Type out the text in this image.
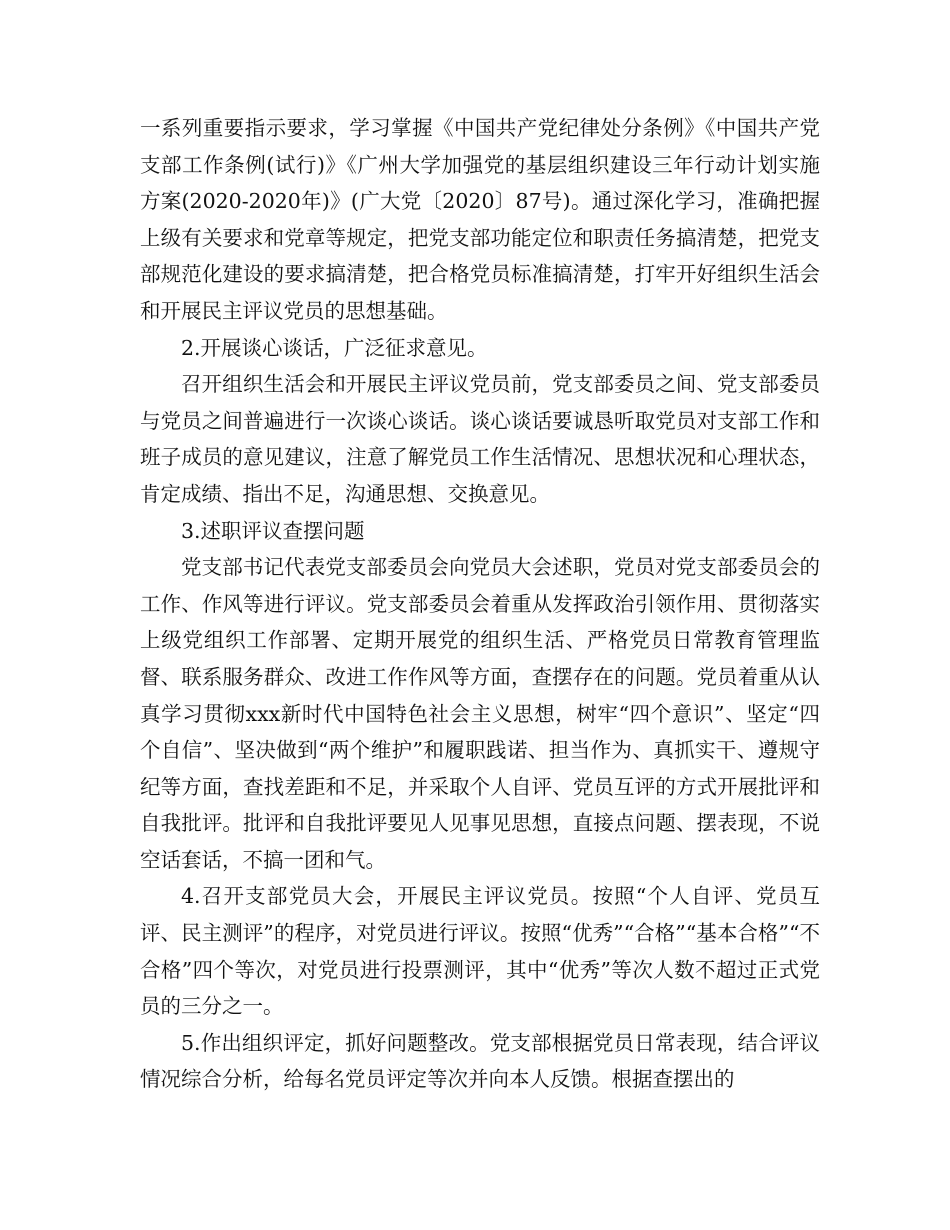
一系列重要指示要求，学习掌握《中国共产党纪律处分条例》《中国共产党支部工作条例(试行)》《广州大学加强党的基层组织建设三年行动计划实施方案(2020-2020年)》(广大党〔2020〕87号)。通过深化学习，准确把握上级有关要求和党章等规定，把党支部功能定位和职责任务搞清楚，把党支部规范化建设的要求搞清楚，把合格党员标准搞清楚，打牢开好组织生活会和开展民主评议党员的思想基础。

2.开展谈心谈话，广泛征求意见。

召开组织生活会和开展民主评议党员前，党支部委员之间、党支部委员与党员之间普遍进行一次谈心谈话。谈心谈话要诚恳听取党员对支部工作和班子成员的意见建议，注意了解党员工作生活情况、思想状况和心理状态，肯定成绩、指出不足，沟通思想、交换意见。

3.述职评议查摆问题

党支部书记代表党支部委员会向党员大会述职，党员对党支部委员会的工作、作风等进行评议。党支部委员会着重从发挥政治引领作用、贯彻落实上级党组织工作部署、定期开展党的组织生活、严格党员日常教育管理监督、联系服务群众、改进工作作风等方面，查摆存在的问题。党员着重从认真学习贯彻xxx新时代中国特色社会主义思想，树牢“四个意识”、坚定“四个自信”、坚决做到“两个维护”和履职践诺、担当作为、真抓实干、遵规守纪等方面，查找差距和不足，并采取个人自评、党员互评的方式开展批评和自我批评。批评和自我批评要见人见事见思想，直接点问题、摆表现，不说空话套话，不搞一团和气。

4.召开支部党员大会，开展民主评议党员。按照“个人自评、党员互评、民主测评”的程序，对党员进行评议。按照“优秀”“合格”“基本合格”“不合格”四个等次，对党员进行投票测评，其中“优秀”等次人数不超过正式党员的三分之一。

5.作出组织评定，抓好问题整改。党支部根据党员日常表现，结合评议情况综合分析，给每名党员评定等次并向本人反馈。根据查摆出的
